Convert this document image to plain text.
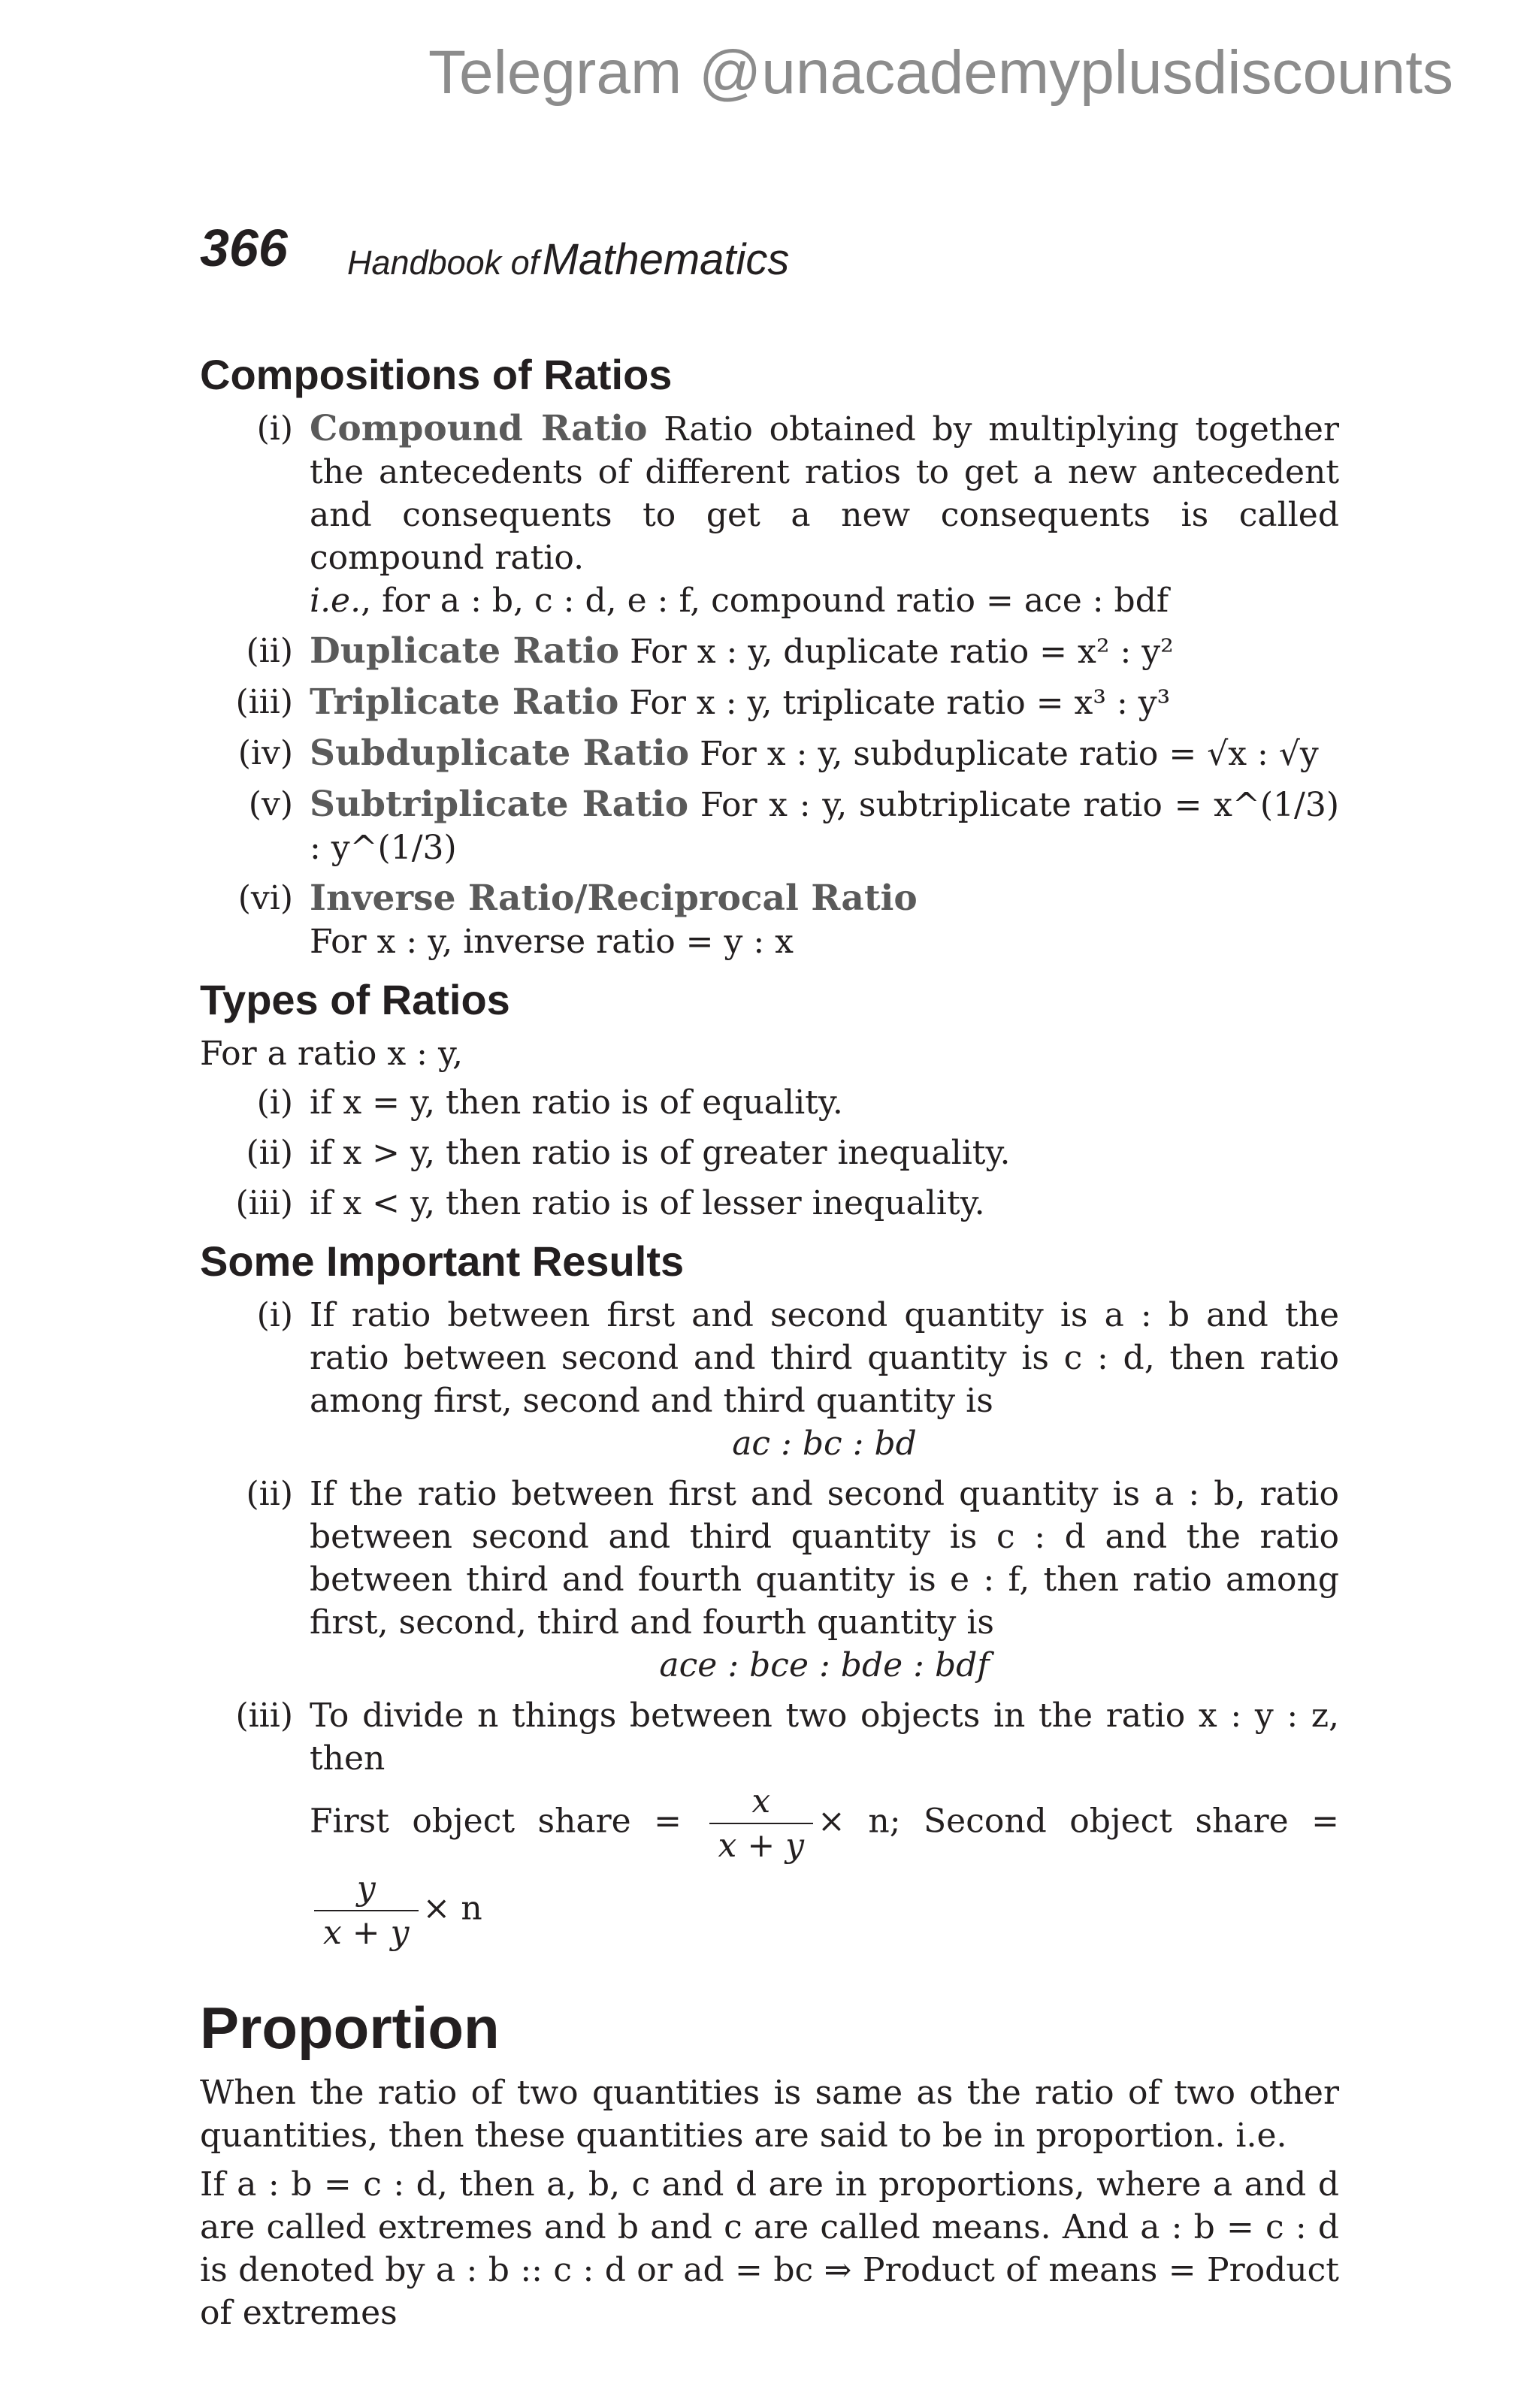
Telegram @unacademyplusdiscounts
366 Handbook of Mathematics
Compositions of Ratios
(i) Compound Ratio Ratio obtained by multiplying together the antecedents of different ratios to get a new antecedent and consequents to get a new consequents is called compound ratio.
i.e., for a : b, c : d, e : f, compound ratio = ace : bdf
(ii) Duplicate Ratio For x : y, duplicate ratio = x² : y²
(iii) Triplicate Ratio For x : y, triplicate ratio = x³ : y³
(iv) Subduplicate Ratio For x : y, subduplicate ratio = √x : √y
(v) Subtriplicate Ratio For x : y, subtriplicate ratio = x^(1/3) : y^(1/3)
(vi) Inverse Ratio/Reciprocal Ratio
For x : y, inverse ratio = y : x
Types of Ratios
For a ratio x : y,
(i) if x = y, then ratio is of equality.
(ii) if x > y, then ratio is of greater inequality.
(iii) if x < y, then ratio is of lesser inequality.
Some Important Results
(i) If ratio between first and second quantity is a : b and the ratio between second and third quantity is c : d, then ratio among first, second and third quantity is
ac : bc : bd
(ii) If the ratio between first and second quantity is a : b, ratio between second and third quantity is c : d and the ratio between third and fourth quantity is e : f, then ratio among first, second, third and fourth quantity is
ace : bce : bde : bdf
(iii) To divide n things between two objects in the ratio x : y : z, then
First object share = $\frac{x}{x + y} \times n$; Second object share =
$\frac{y}{x + y} \times n$
Proportion
When the ratio of two quantities is same as the ratio of two other quantities, then these quantities are said to be in proportion. i.e.
If a : b = c : d, then a, b, c and d are in proportions, where a and d are called extremes and b and c are called means. And a : b = c : d is denoted by a : b :: c : d or ad = bc ⇒ Product of means = Product of extremes
